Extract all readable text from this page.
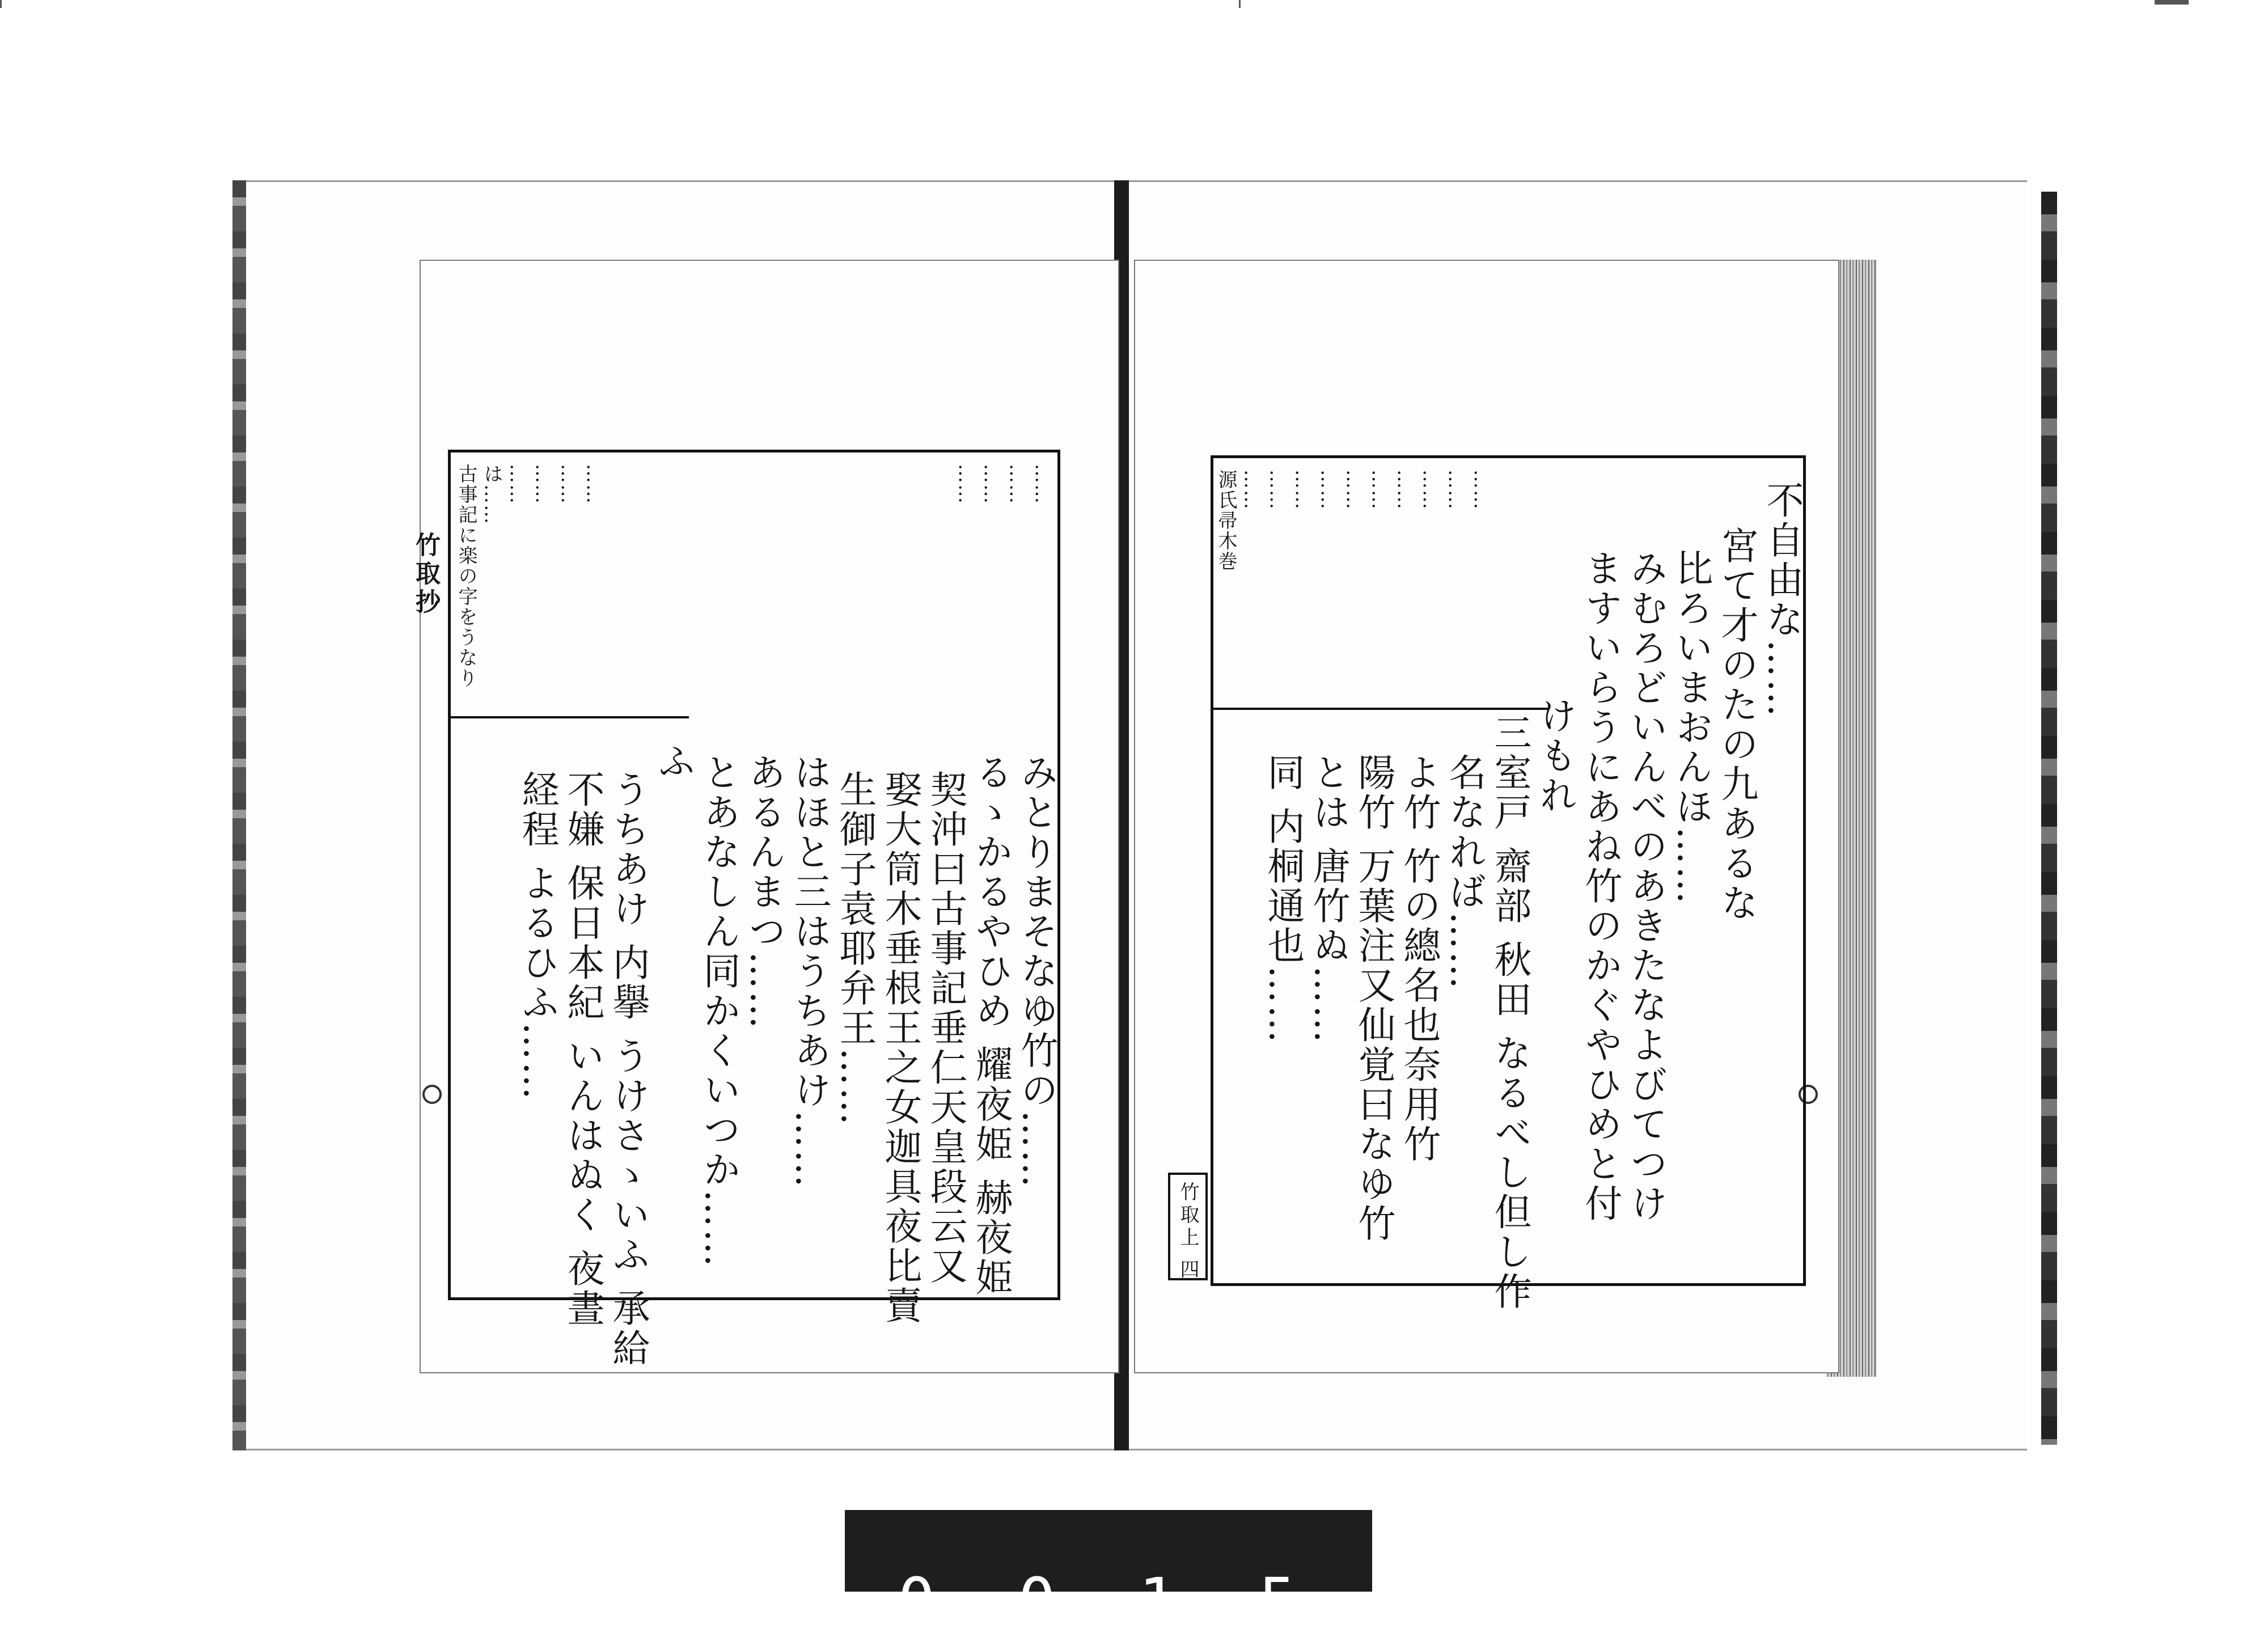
……
……
……
……
古事記に楽の字をうなり は…… …… …… …… ……
みとりまそなゆ竹の……
るゝかるやひめ 耀夜姫 赫夜姫
契沖曰古事記垂仁天皇段云又
娶大筒木垂根王之女迦具夜比賣
生御子袁耶弁王……
はほと三はうちあけ……
あるんまつ……
とあなしん同かくいつか……
ふ
うちあけ 内擧 うけさゝいふ 承給
不嫌 保日本紀 いんはぬく 夜晝
経程 よるひふ……
竹取抄
源氏帚木巻 …… …… …… …… …… …… …… …… …… ……	不自由な……
宮て才のたの九あるな
比ろいまおんほ……
みむろどいんべのあきたなよびてつけ
ますいらうにあね竹のかぐやひめと付
けもれ
三室戸 齋部 秋田 なるべし但し作
名なれば……
よ竹 竹の總名也奈用竹
陽竹 万葉注又仙覚曰なゆ竹
とは 唐竹ぬ……
同 内桐通也……
竹取上 四
0 0 1 5
